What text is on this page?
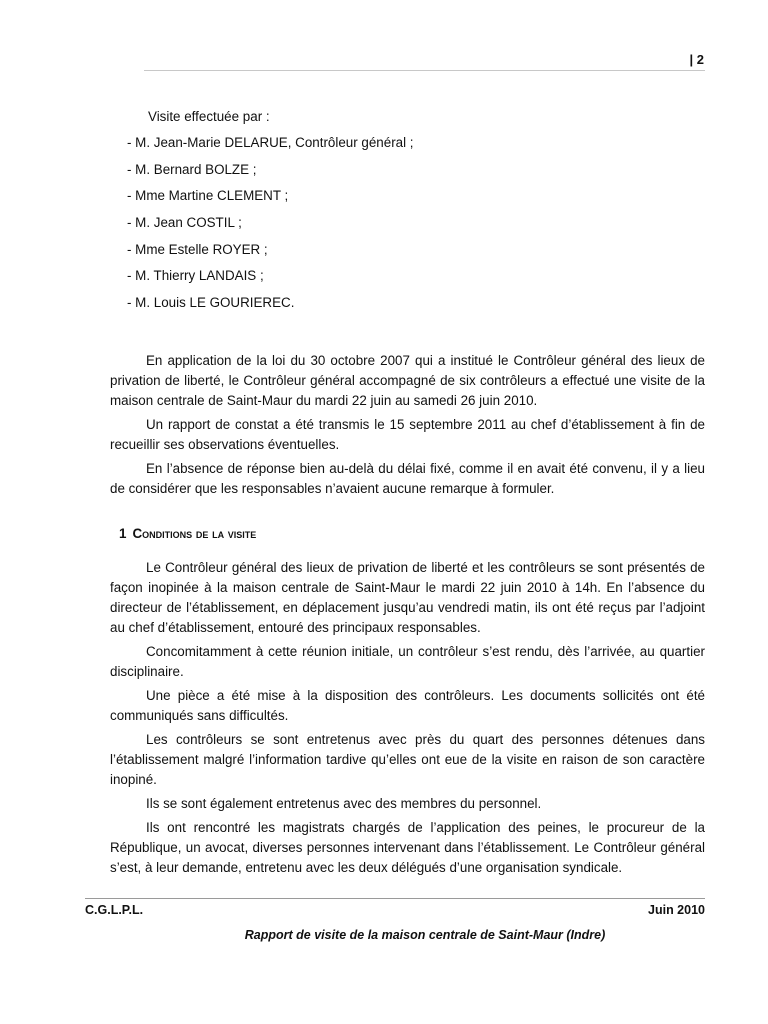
| 2
Visite effectuée par :
- M. Jean-Marie DELARUE, Contrôleur général ;
- M. Bernard BOLZE ;
- Mme Martine CLEMENT ;
- M. Jean COSTIL ;
- Mme Estelle ROYER ;
- M. Thierry LANDAIS ;
- M. Louis LE GOURIEREC.

En application de la loi du 30 octobre 2007 qui a institué le Contrôleur général des lieux de privation de liberté, le Contrôleur général accompagné de six contrôleurs a effectué une visite de la maison centrale de Saint-Maur du mardi 22 juin au samedi 26 juin 2010.

Un rapport de constat a été transmis le 15 septembre 2011 au chef d’établissement à fin de recueillir ses observations éventuelles.

En l’absence de réponse bien au-delà du délai fixé, comme il en avait été convenu, il y a lieu de considérer que les responsables n’avaient aucune remarque à formuler.

1 Conditions de la visite

Le Contrôleur général des lieux de privation de liberté et les contrôleurs se sont présentés de façon inopinée à la maison centrale de Saint-Maur le mardi 22 juin 2010 à 14h. En l’absence du directeur de l’établissement, en déplacement jusqu’au vendredi matin, ils ont été reçus par l’adjoint au chef d’établissement, entouré des principaux responsables.

Concomitamment à cette réunion initiale, un contrôleur s’est rendu, dès l’arrivée, au quartier disciplinaire.

Une pièce a été mise à la disposition des contrôleurs. Les documents sollicités ont été communiqués sans difficultés.

Les contrôleurs se sont entretenus avec près du quart des personnes détenues dans l’établissement malgré l’information tardive qu’elles ont eue de la visite en raison de son caractère inopiné.

Ils se sont également entretenus avec des membres du personnel.

Ils ont rencontré les magistrats chargés de l’application des peines, le procureur de la République, un avocat, diverses personnes intervenant dans l’établissement. Le Contrôleur général s’est, à leur demande, entretenu avec les deux délégués d’une organisation syndicale.

C.G.L.P.L.	Juin 2010
Rapport de visite de la maison centrale de Saint-Maur (Indre)
